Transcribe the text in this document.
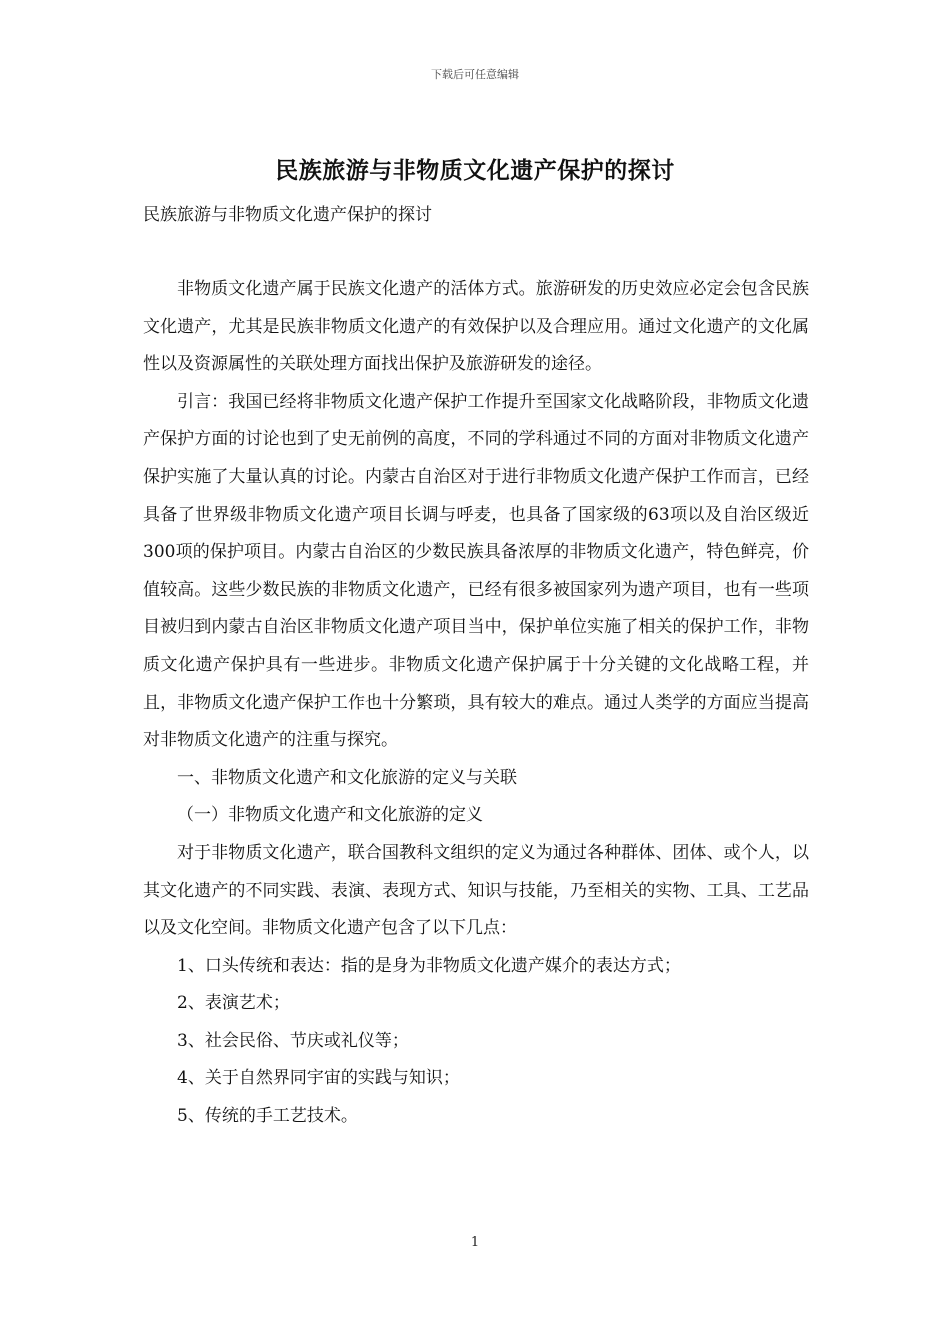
下载后可任意编辑
民族旅游与非物质文化遗产保护的探讨
民族旅游与非物质文化遗产保护的探讨

非物质文化遗产属于民族文化遗产的活体方式。旅游研发的历史效应必定会包含民族文化遗产，尤其是民族非物质文化遗产的有效保护以及合理应用。通过文化遗产的文化属性以及资源属性的关联处理方面找出保护及旅游研发的途径。

引言：我国已经将非物质文化遗产保护工作提升至国家文化战略阶段，非物质文化遗产保护方面的讨论也到了史无前例的高度，不同的学科通过不同的方面对非物质文化遗产保护实施了大量认真的讨论。内蒙古自治区对于进行非物质文化遗产保护工作而言，已经具备了世界级非物质文化遗产项目长调与呼麦，也具备了国家级的63项以及自治区级近300项的保护项目。内蒙古自治区的少数民族具备浓厚的非物质文化遗产，特色鲜亮，价值较高。这些少数民族的非物质文化遗产，已经有很多被国家列为遗产项目，也有一些项目被归到内蒙古自治区非物质文化遗产项目当中，保护单位实施了相关的保护工作，非物质文化遗产保护具有一些进步。非物质文化遗产保护属于十分关键的文化战略工程，并且，非物质文化遗产保护工作也十分繁琐，具有较大的难点。通过人类学的方面应当提高对非物质文化遗产的注重与探究。

一、非物质文化遗产和文化旅游的定义与关联

（一）非物质文化遗产和文化旅游的定义

对于非物质文化遗产，联合国教科文组织的定义为通过各种群体、团体、或个人，以其文化遗产的不同实践、表演、表现方式、知识与技能，乃至相关的实物、工具、工艺品以及文化空间。非物质文化遗产包含了以下几点：

1、口头传统和表达：指的是身为非物质文化遗产媒介的表达方式；

2、表演艺术；

3、社会民俗、节庆或礼仪等；

4、关于自然界同宇宙的实践与知识；

5、传统的手工艺技术。

1
